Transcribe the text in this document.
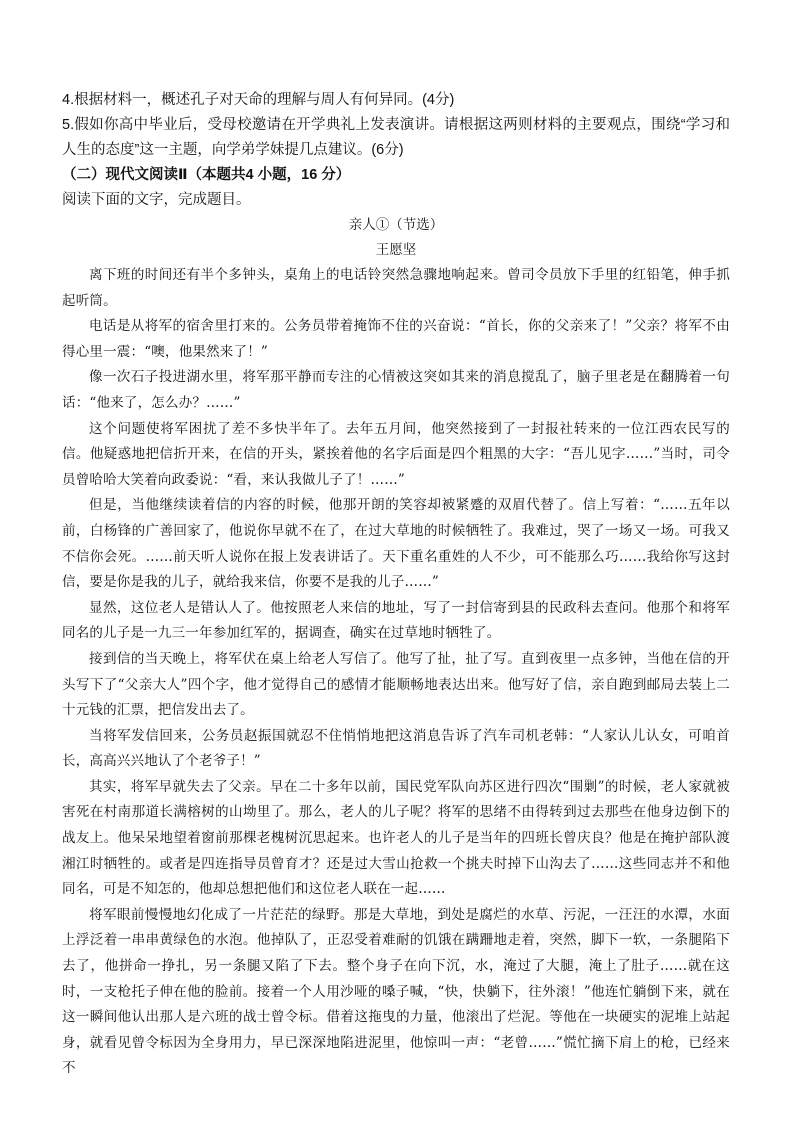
4.根据材料一，概述孔子对天命的理解与周人有何异同。(4分)

5.假如你高中毕业后，受母校邀请在开学典礼上发表演讲。请根据这两则材料的主要观点，围绕“学习和人生的态度”这一主题，向学弟学妹提几点建议。(6分)

（二）现代文阅读Ⅱ（本题共4 小题，16 分）

阅读下面的文字，完成题目。

亲人①（节选）

王愿坚

离下班的时间还有半个多钟头，桌角上的电话铃突然急骤地响起来。曾司令员放下手里的红铅笔，伸手抓起听筒。

电话是从将军的宿舍里打来的。公务员带着掩饰不住的兴奋说：“首长，你的父亲来了！”父亲？将军不由得心里一震：“噢，他果然来了！”

像一次石子投进湖水里，将军那平静而专注的心情被这突如其来的消息搅乱了，脑子里老是在翻腾着一句话：“他来了，怎么办？……”

这个问题使将军困扰了差不多快半年了。去年五月间，他突然接到了一封报社转来的一位江西农民写的信。他疑惑地把信折开来，在信的开头，紧挨着他的名字后面是四个粗黑的大字：“吾儿见字……”当时，司令员曾哈哈大笑着向政委说：“看，来认我做儿子了！……”

但是，当他继续读着信的内容的时候，他那开朗的笑容却被紧蹙的双眉代替了。信上写着：“……五年以前，白杨锋的广善回家了，他说你早就不在了，在过大草地的时候牺牲了。我难过，哭了一场又一场。可我又不信你会死。……前天听人说你在报上发表讲话了。天下重名重姓的人不少，可不能那么巧……我给你写这封信，要是你是我的儿子，就给我来信，你要不是我的儿子……”

显然，这位老人是错认人了。他按照老人来信的地址，写了一封信寄到县的民政科去查问。他那个和将军同名的儿子是一九三一年参加红军的，据调查，确实在过草地时牺牲了。

接到信的当天晚上，将军伏在桌上给老人写信了。他写了扯，扯了写。直到夜里一点多钟，当他在信的开头写下了“父亲大人”四个字，他才觉得自己的感情才能顺畅地表达出来。他写好了信，亲自跑到邮局去装上二十元钱的汇票，把信发出去了。

当将军发信回来，公务员赵振国就忍不住悄悄地把这消息告诉了汽车司机老韩：“人家认儿认女，可咱首长，高高兴兴地认了个老爷子！”

其实，将军早就失去了父亲。早在二十多年以前，国民党军队向苏区进行四次“围剿”的时候，老人家就被害死在村南那道长满榕树的山坳里了。那么，老人的儿子呢？将军的思绪不由得转到过去那些在他身边倒下的战友上。他呆呆地望着窗前那棵老槐树沉思起来。也许老人的儿子是当年的四班长曾庆良？他是在掩护部队渡湘江时牺牲的。或者是四连指导员曾育才？还是过大雪山抢救一个挑夫时掉下山沟去了……这些同志并不和他同名，可是不知怎的，他却总想把他们和这位老人联在一起……

将军眼前慢慢地幻化成了一片茫茫的绿野。那是大草地，到处是腐烂的水草、污泥，一汪汪的水潭，水面上浮泛着一串串黄绿色的水泡。他掉队了，正忍受着难耐的饥饿在蹒跚地走着，突然，脚下一软，一条腿陷下去了，他拼命一挣扎，另一条腿又陷了下去。整个身子在向下沉，水，淹过了大腿，淹上了肚子……就在这时，一支枪托子伸在他的脸前。接着一个人用沙哑的嗓子喊，“快，快躺下，往外滚！”他连忙躺倒下来，就在这一瞬间他认出那人是六班的战士曾令标。借着这拖曳的力量，他滚出了烂泥。等他在一块硬实的泥堆上站起身，就看见曾令标因为全身用力，早已深深地陷进泥里，他惊叫一声：“老曾……”慌忙摘下肩上的枪，已经来不
